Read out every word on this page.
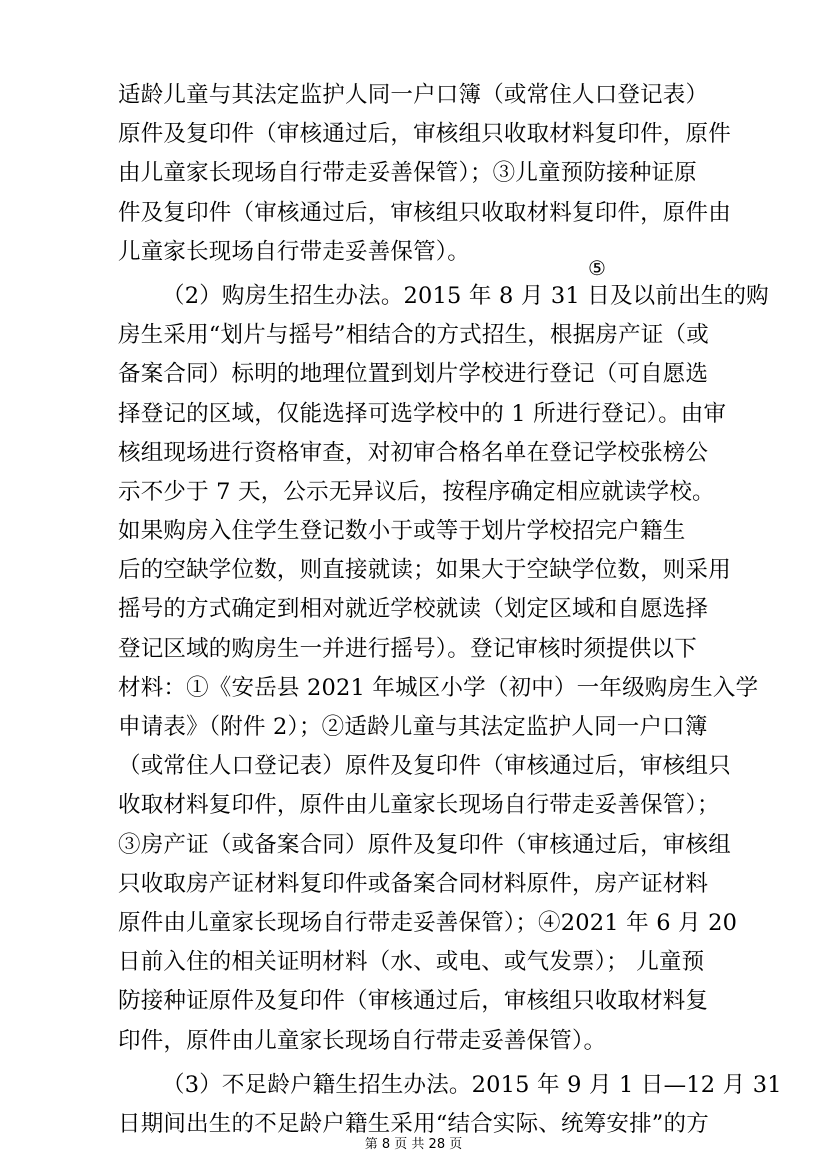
适龄儿童与其法定监护人同一户口簿（或常住人口登记表）
原件及复印件（审核通过后，审核组只收取材料复印件，原件
由儿童家长现场自行带走妥善保管）；③儿童预防接种证原
件及复印件（审核通过后，审核组只收取材料复印件，原件由
儿童家长现场自行带走妥善保管）。
（2）购房生招生办法。2015 年 8 月 31 日及以前出生的购
房生采用“划片与摇号”相结合的方式招生，根据房产证（或
备案合同）标明的地理位置到划片学校进行登记（可自愿选
择登记的区域，仅能选择可选学校中的 1 所进行登记）。由审
核组现场进行资格审查，对初审合格名单在登记学校张榜公
示不少于 7 天，公示无异议后，按程序确定相应就读学校。
如果购房入住学生登记数小于或等于划片学校招完户籍生
后的空缺学位数，则直接就读；如果大于空缺学位数，则采用
摇号的方式确定到相对就近学校就读（划定区域和自愿选择
登记区域的购房生一并进行摇号）。登记审核时须提供以下
材料：①《安岳县 2021 年城区小学（初中）一年级购房生入学
申请表》（附件 2）；②适龄儿童与其法定监护人同一户口簿
（或常住人口登记表）原件及复印件（审核通过后，审核组只
收取材料复印件，原件由儿童家长现场自行带走妥善保管）；
③房产证（或备案合同）原件及复印件（审核通过后，审核组
只收取房产证材料复印件或备案合同材料原件，房产证材料
原件由儿童家长现场自行带走妥善保管）；④2021 年 6 月 20
日前入住的相关证明材料（水、或电、或气发票）； 儿童预
防接种证原件及复印件（审核通过后，审核组只收取材料复
印件，原件由儿童家长现场自行带走妥善保管）。
（3）不足龄户籍生招生办法。2015 年 9 月 1 日—12 月 31
日期间出生的不足龄户籍生采用“结合实际、统筹安排”的方
⑤
第 8 页 共 28 页
